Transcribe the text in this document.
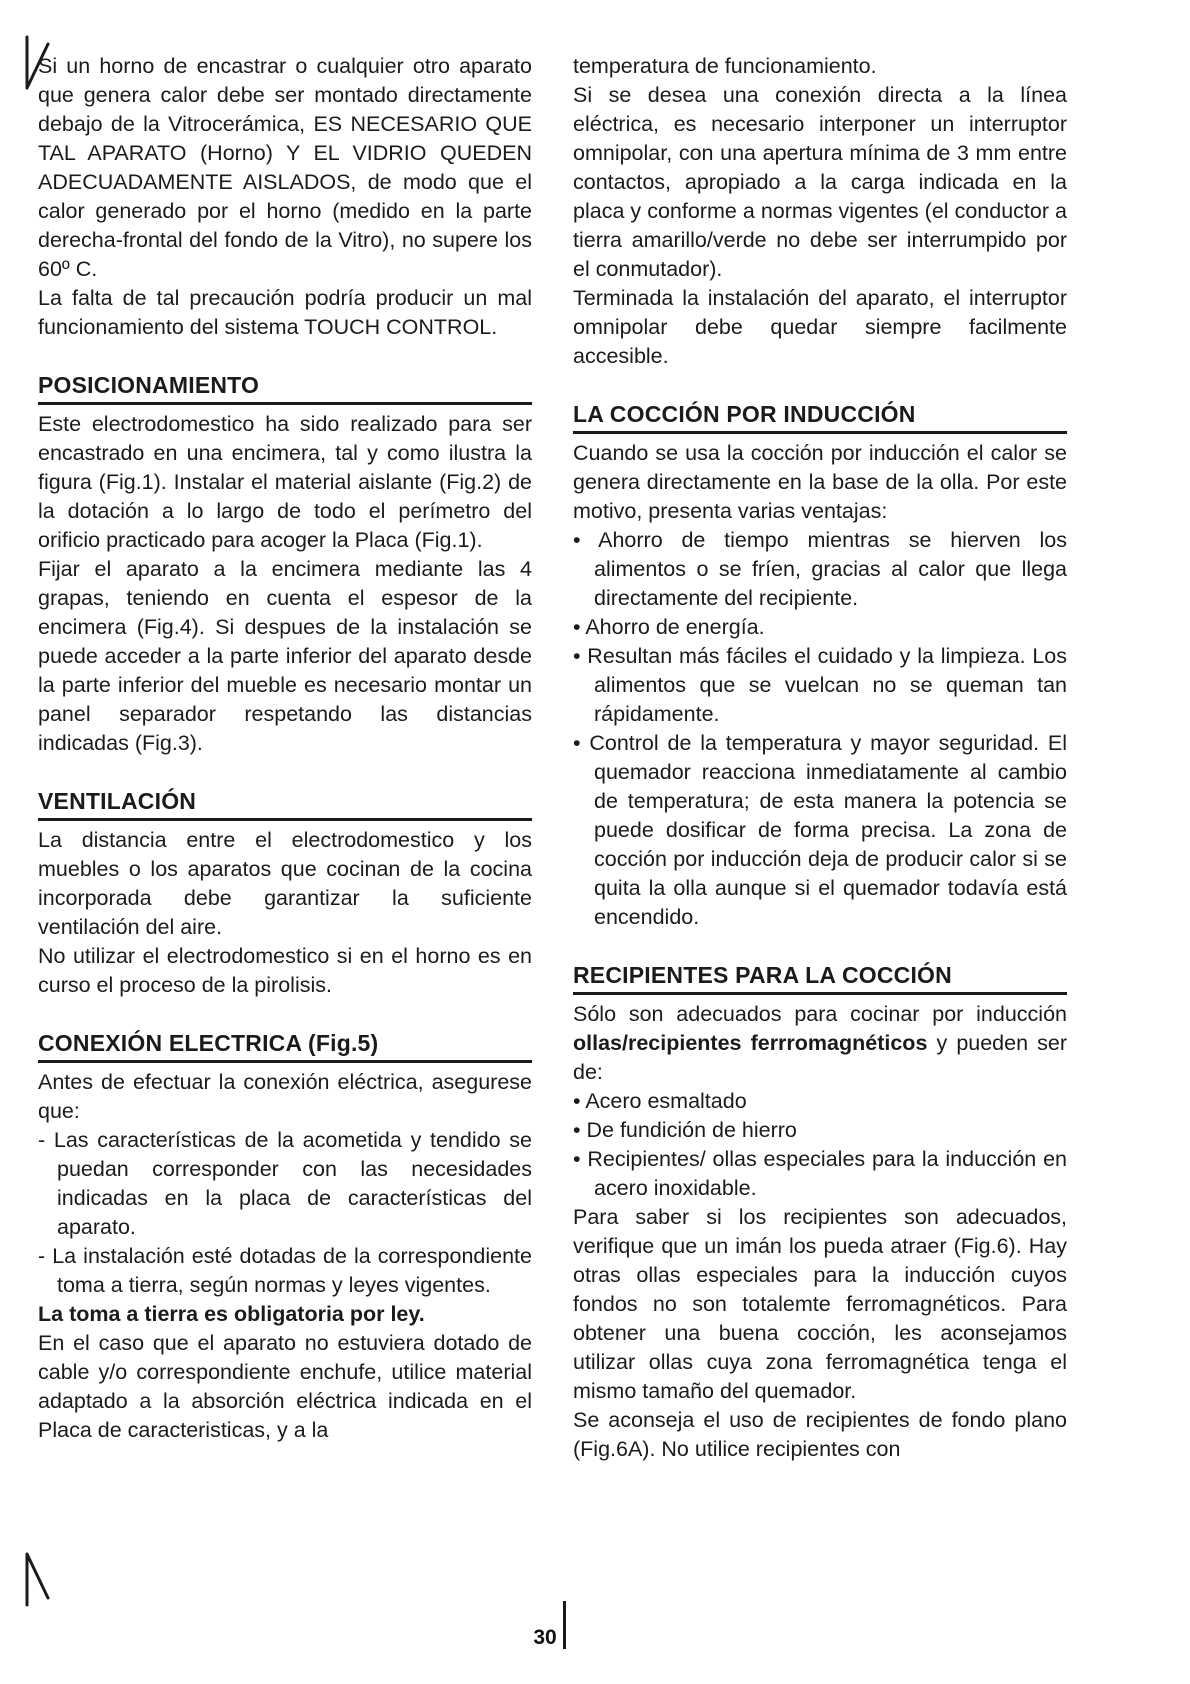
Si un horno de encastrar o cualquier otro aparato que genera calor debe ser montado directamente debajo de la Vitrocerámica, ES NECESARIO QUE TAL APARATO (Horno) Y EL VIDRIO QUEDEN ADECUADAMENTE AISLADOS, de modo que el calor generado por el horno (medido en la parte derecha-frontal del fondo de la Vitro), no supere los 60º C.

La falta de tal precaución podría producir un mal funcionamiento del sistema TOUCH CONTROL.

POSICIONAMIENTO

Este electrodomestico ha sido realizado para ser encastrado en una encimera, tal y como ilustra la figura (Fig.1). Instalar el material aislante (Fig.2) de la dotación a lo largo de todo el perímetro del orificio practicado para acoger la Placa (Fig.1).

Fijar el aparato a la encimera mediante las 4 grapas, teniendo en cuenta el espesor de la encimera (Fig.4). Si despues de la instalación se puede acceder a la parte inferior del aparato desde la parte inferior del mueble es necesario montar un panel separador respetando las distancias indicadas (Fig.3).

VENTILACIÓN

La distancia entre el electrodomestico y los muebles o los aparatos que cocinan de la cocina incorporada debe garantizar la suficiente ventilación del aire.

No utilizar el electrodomestico si en el horno es en curso el proceso de la pirolisis.

CONEXIÓN ELECTRICA (Fig.5)

Antes de efectuar la conexión eléctrica, asegurese que:

- Las características de la acometida y tendido se puedan corresponder con las necesidades indicadas en la placa de características del aparato.
- La instalación esté dotadas de la correspondiente toma a tierra, según normas y leyes vigentes.

La toma a tierra es obligatoria por ley.

En el caso que el aparato no estuviera dotado de cable y/o correspondiente enchufe, utilice material adaptado a la absorción eléctrica indicada en el Placa de caracteristicas, y a la

temperatura de funcionamiento.

Si se desea una conexión directa a la línea eléctrica, es necesario interponer un interruptor omnipolar, con una apertura mínima de 3 mm entre contactos, apropiado a la carga indicada en la placa y conforme a normas vigentes (el conductor a tierra amarillo/verde no debe ser interrumpido por el conmutador).

Terminada la instalación del aparato, el interruptor omnipolar debe quedar siempre facilmente accesible.

LA COCCIÓN POR INDUCCIÓN

Cuando se usa la cocción por inducción el calor se genera directamente en la base de la olla. Por este motivo, presenta varias ventajas:

• Ahorro de tiempo mientras se hierven los alimentos o se fríen, gracias al calor que llega directamente del recipiente.
• Ahorro de energía.
• Resultan más fáciles el cuidado y la limpieza. Los alimentos que se vuelcan no se queman tan rápidamente.
• Control de la temperatura y mayor seguridad. El quemador reacciona inmediatamente al cambio de temperatura; de esta manera la potencia se puede dosificar de forma precisa. La zona de cocción por inducción deja de producir calor si se quita la olla aunque si el quemador todavía está encendido.
RECIPIENTES PARA LA COCCIÓN

Sólo son adecuados para cocinar por inducción ollas/recipientes ferrromagnéticos y pueden ser de:

• Acero esmaltado
• De fundición de hierro
• Recipientes/ ollas especiales para la inducción en acero inoxidable.

Para saber si los recipientes son adecuados, verifique que un imán los pueda atraer (Fig.6). Hay otras ollas especiales para la inducción cuyos fondos no son totalemte ferromagnéticos. Para obtener una buena cocción, les aconsejamos utilizar ollas cuya zona ferromagnética tenga el mismo tamaño del quemador.

Se aconseja el uso de recipientes de fondo plano (Fig.6A). No utilice recipientes con

30
